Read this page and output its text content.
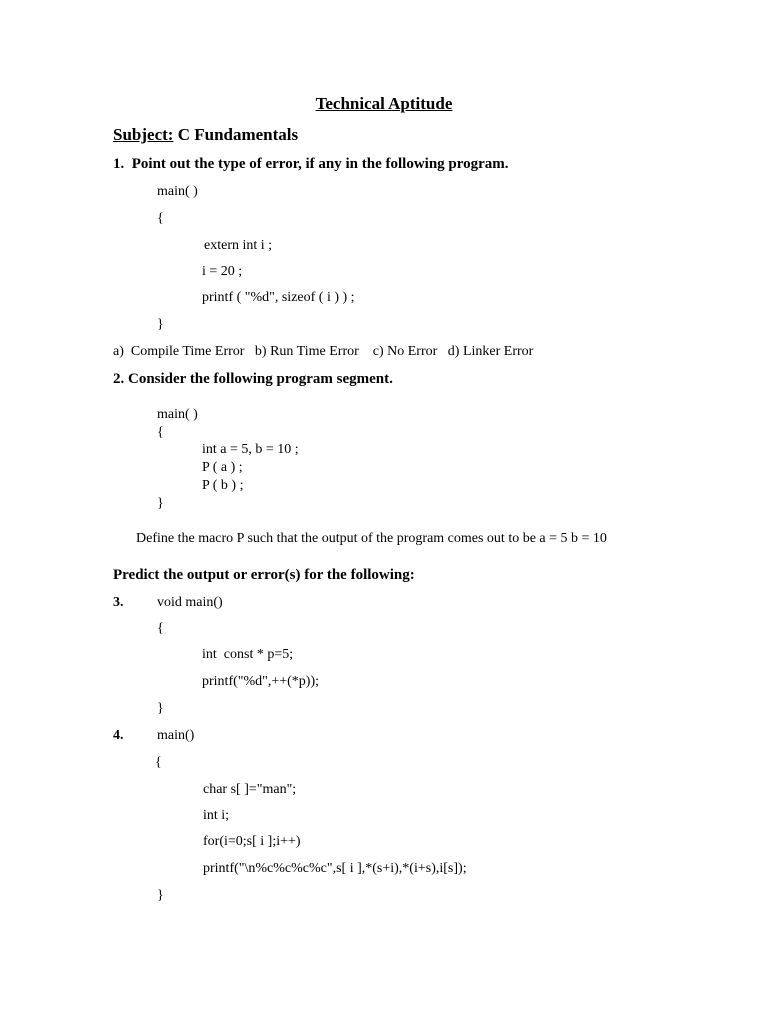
Technical Aptitude
Subject: C Fundamentals
1.  Point out the type of error, if any in the following program.
main( )
{
extern int i ;
i = 20 ;
printf ( "%d", sizeof ( i ) ) ;
}
a)  Compile Time Error   b) Run Time Error    c) No Error   d) Linker Error
2. Consider the following program segment.
main( )
{
int a = 5, b = 10 ;
P ( a ) ;
P ( b ) ;
}
Define the macro P such that the output of the program comes out to be a = 5 b = 10
Predict the output or error(s) for the following:
3. void main()
{
int  const * p=5;
printf("%d",++(*p));
}
4. main()
{
char s[ ]="man";
int i;
for(i=0;s[ i ];i++)
printf("\n%c%c%c%c",s[ i ],*(s+i),*(i+s),i[s]);
}
